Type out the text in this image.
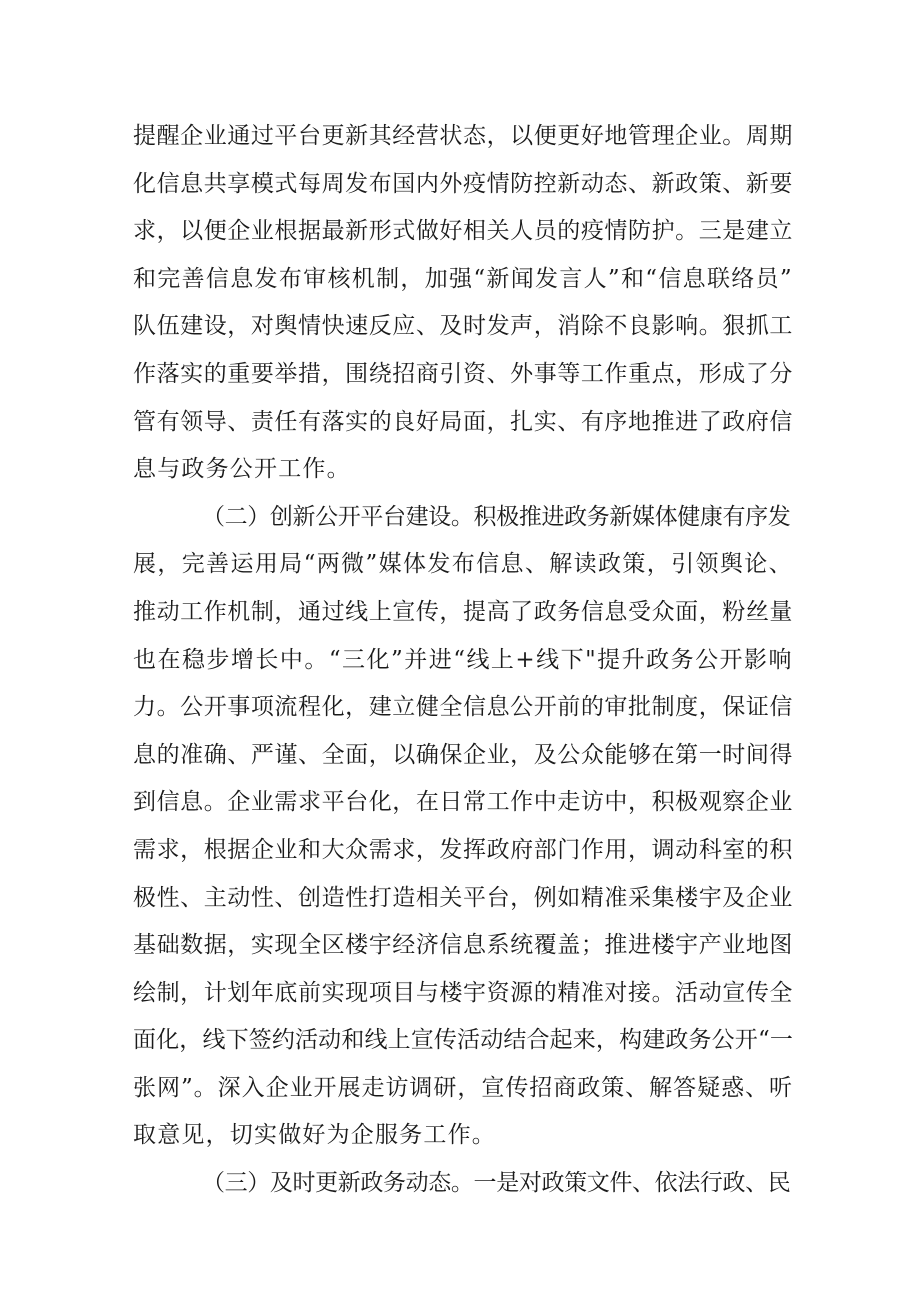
提醒企业通过平台更新其经营状态，以便更好地管理企业。周期
化信息共享模式每周发布国内外疫情防控新动态、新政策、新要
求，以便企业根据最新形式做好相关人员的疫情防护。三是建立
和完善信息发布审核机制，加强“新闻发言人”和“信息联络员”
队伍建设，对舆情快速反应、及时发声，消除不良影响。狠抓工
作落实的重要举措，围绕招商引资、外事等工作重点，形成了分
管有领导、责任有落实的良好局面，扎实、有序地推进了政府信
息与政务公开工作。

（二）创新公开平台建设。积极推进政务新媒体健康有序发
展，完善运用局“两微”媒体发布信息、解读政策，引领舆论、
推动工作机制，通过线上宣传，提高了政务信息受众面，粉丝量
也在稳步增长中。“三化”并进“线上+线下"提升政务公开影响
力。公开事项流程化，建立健全信息公开前的审批制度，保证信
息的准确、严谨、全面，以确保企业，及公众能够在第一时间得
到信息。企业需求平台化，在日常工作中走访中，积极观察企业
需求，根据企业和大众需求，发挥政府部门作用，调动科室的积
极性、主动性、创造性打造相关平台，例如精准采集楼宇及企业
基础数据，实现全区楼宇经济信息系统覆盖；推进楼宇产业地图
绘制，计划年底前实现项目与楼宇资源的精准对接。活动宣传全
面化，线下签约活动和线上宣传活动结合起来，构建政务公开“一
张网”。深入企业开展走访调研，宣传招商政策、解答疑惑、听
取意见，切实做好为企服务工作。

（三）及时更新政务动态。一是对政策文件、依法行政、民
